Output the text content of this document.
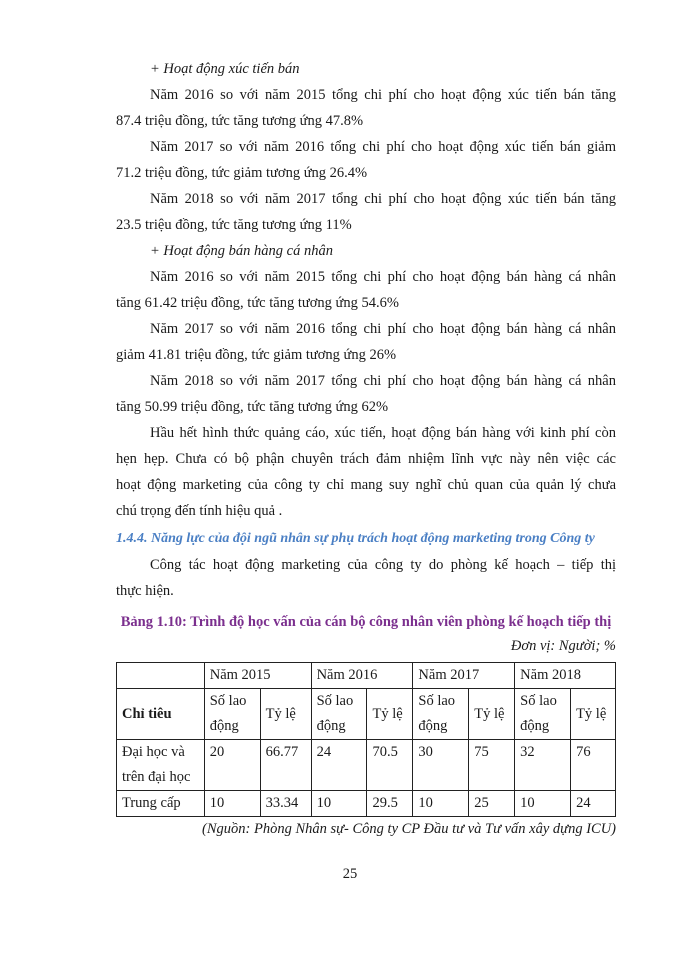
+ Hoạt động xúc tiến bán

Năm 2016 so với năm 2015 tổng chi phí cho hoạt động xúc tiến bán tăng

87.4 triệu đồng, tức tăng tương ứng 47.8%

Năm 2017 so với năm 2016 tổng chi phí cho hoạt động xúc tiến bán giảm

71.2 triệu đồng, tức giảm tương ứng 26.4%

Năm 2018 so với năm 2017 tổng chi phí cho hoạt động xúc tiến bán tăng

23.5 triệu đồng, tức tăng tương ứng 11%

+ Hoạt động bán hàng cá nhân

Năm 2016 so với năm 2015 tổng chi phí cho hoạt động bán hàng cá nhân

tăng 61.42 triệu đồng, tức tăng tương ứng 54.6%

Năm 2017 so với năm 2016 tổng chi phí cho hoạt động bán hàng cá nhân

giảm 41.81 triệu đồng, tức giảm tương ứng 26%

Năm 2018 so với năm 2017 tổng chi phí cho hoạt động bán hàng cá nhân

tăng 50.99 triệu đồng, tức tăng tương ứng 62%

Hầu hết hình thức quảng cáo, xúc tiến, hoạt động bán hàng với kinh phí còn

hẹn hẹp. Chưa có bộ phận chuyên trách đảm nhiệm lĩnh vực này nên việc các

hoạt động marketing của công ty chỉ mang suy nghĩ chủ quan của quản lý chưa

chú trọng đến tính hiệu quả .

1.4.4. Năng lực của đội ngũ nhân sự phụ trách hoạt động marketing trong Công ty

Công tác hoạt động marketing của công ty do phòng kế hoạch – tiếp thị

thực hiện.

Bảng 1.10: Trình độ học vấn của cán bộ công nhân viên phòng kế hoạch tiếp thị

Đơn vị: Người; %

	Năm 2015		Năm 2016		Năm 2017		Năm 2018	
Chỉ tiêu	Số lao động	Tỷ lệ	Số lao động	Tỷ lệ	Số lao động	Tỷ lệ	Số lao động	Tỷ lệ
Đại học và trên đại học	20	66.77	24	70.5	30	75	32	76
Trung cấp	10	33.34	10	29.5	10	25	10	24

(Nguồn: Phòng Nhân sự- Công ty CP Đầu tư và Tư vấn xây dựng ICU)

25
